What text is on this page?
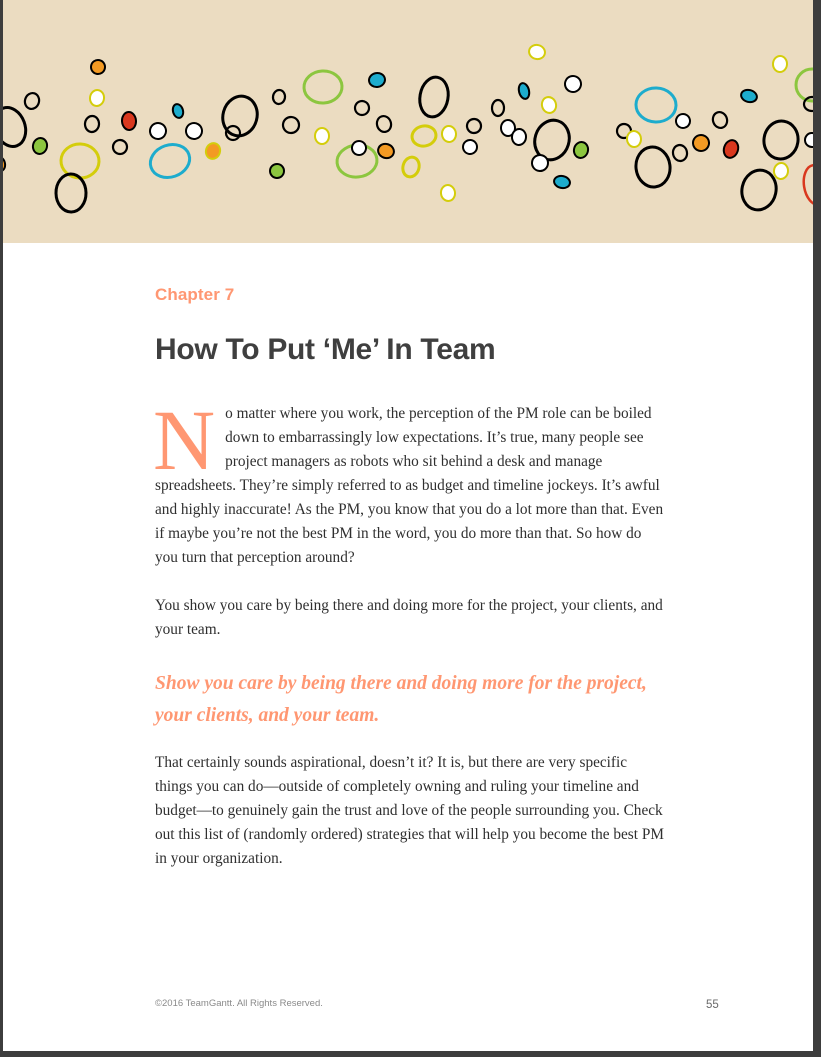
Chapter 7
How To Put ‘Me’ In Team

No matter where you work, the perception of the PM role can be boiled down to embarrassingly low expectations. It’s true, many people see project managers as robots who sit behind a desk and manage spreadsheets. They’re simply referred to as budget and timeline jockeys. It’s awful and highly inaccurate! As the PM, you know that you do a lot more than that. Even if maybe you’re not the best PM in the word, you do more than that. So how do you turn that perception around?

You show you care by being there and doing more for the project, your clients, and your team.

Show you care by being there and doing more for the project, your clients, and your team.

That certainly sounds aspirational, doesn’t it? It is, but there are very specific things you can do—outside of completely owning and ruling your timeline and budget—to genuinely gain the trust and love of the people surrounding you. Check out this list of (randomly ordered) strategies that will help you become the best PM in your organization.

©2016 TeamGantt. All Rights Reserved.	55
